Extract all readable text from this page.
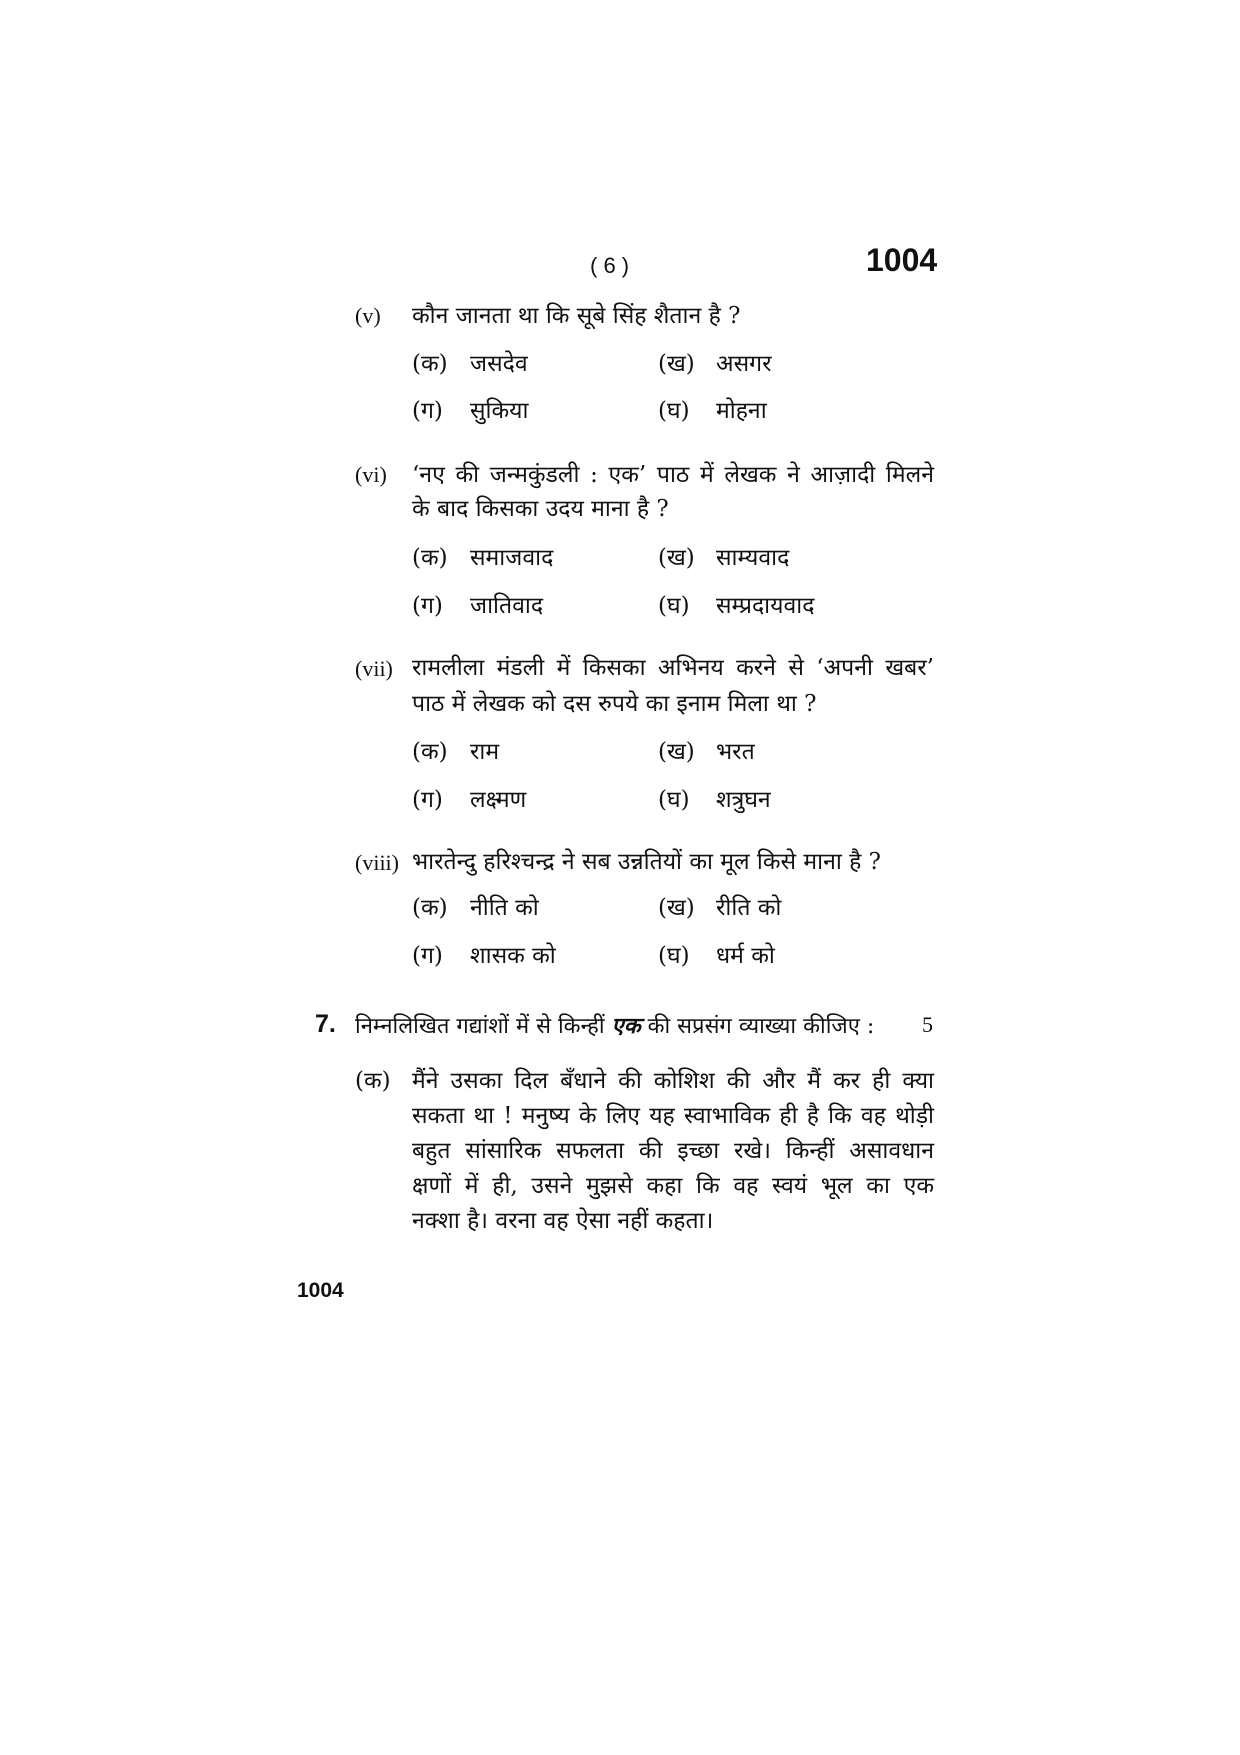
( 6 )	1004
(v) कौन जानता था कि सूबे सिंह शैतान है ?
(क) जसदेव	(ख) असगर
(ग) सुकिया	(घ) मोहना
(vi) ‘नए की जन्मकुंडली : एक’ पाठ में लेखक ने आज़ादी मिलने
के बाद किसका उदय माना है ?
(क) समाजवाद	(ख) साम्यवाद
(ग) जातिवाद	(घ) सम्प्रदायवाद
(vii) रामलीला मंडली में किसका अभिनय करने से ‘अपनी खबर’
पाठ में लेखक को दस रुपये का इनाम मिला था ?
(क) राम	(ख) भरत
(ग) लक्ष्मण	(घ) शत्रुघन
(viii) भारतेन्दु हरिश्चन्द्र ने सब उन्नतियों का मूल किसे माना है ?
(क) नीति को	(ख) रीति को
(ग) शासक को	(घ) धर्म को
7. निम्नलिखित गद्यांशों में से किन्हीं एक की सप्रसंग व्याख्या कीजिए : 5
(क) मैंने उसका दिल बँधाने की कोशिश की और मैं कर ही क्या
सकता था ! मनुष्य के लिए यह स्वाभाविक ही है कि वह थोड़ी
बहुत सांसारिक सफलता की इच्छा रखे। किन्हीं असावधान
क्षणों में ही, उसने मुझसे कहा कि वह स्वयं भूल का एक
नक्शा है। वरना वह ऐसा नहीं कहता।
1004
